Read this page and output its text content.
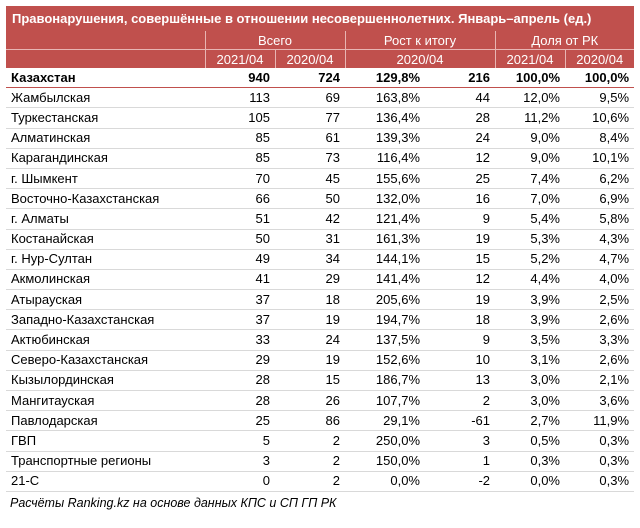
Правонарушения, совершённые в отношении несовершеннолетних. Январь–апрель (ед.)
	Всего		Рост к итогу		Доля от РК	
	2021/04	2020/04	2020/04		2021/04	2020/04
Казахстан	940	724	129,8%	216	100,0%	100,0%
Жамбылская	113	69	163,8%	44	12,0%	9,5%
Туркестанская	105	77	136,4%	28	11,2%	10,6%
Алматинская	85	61	139,3%	24	9,0%	8,4%
Карагандинская	85	73	116,4%	12	9,0%	10,1%
г. Шымкент	70	45	155,6%	25	7,4%	6,2%
Восточно-Казахстанская	66	50	132,0%	16	7,0%	6,9%
г. Алматы	51	42	121,4%	9	5,4%	5,8%
Костанайская	50	31	161,3%	19	5,3%	4,3%
г. Нур-Султан	49	34	144,1%	15	5,2%	4,7%
Акмолинская	41	29	141,4%	12	4,4%	4,0%
Атырауская	37	18	205,6%	19	3,9%	2,5%
Западно-Казахстанская	37	19	194,7%	18	3,9%	2,6%
Актюбинская	33	24	137,5%	9	3,5%	3,3%
Северо-Казахстанская	29	19	152,6%	10	3,1%	2,6%
Кызылординская	28	15	186,7%	13	3,0%	2,1%
Мангитауская	28	26	107,7%	2	3,0%	3,6%
Павлодарская	25	86	29,1%	-61	2,7%	11,9%
ГВП	5	2	250,0%	3	0,5%	0,3%
Транспортные регионы	3	2	150,0%	1	0,3%	0,3%
21-С	0	2	0,0%	-2	0,0%	0,3%
Расчёты Ranking.kz на основе данных КПС и СП ГП РК
